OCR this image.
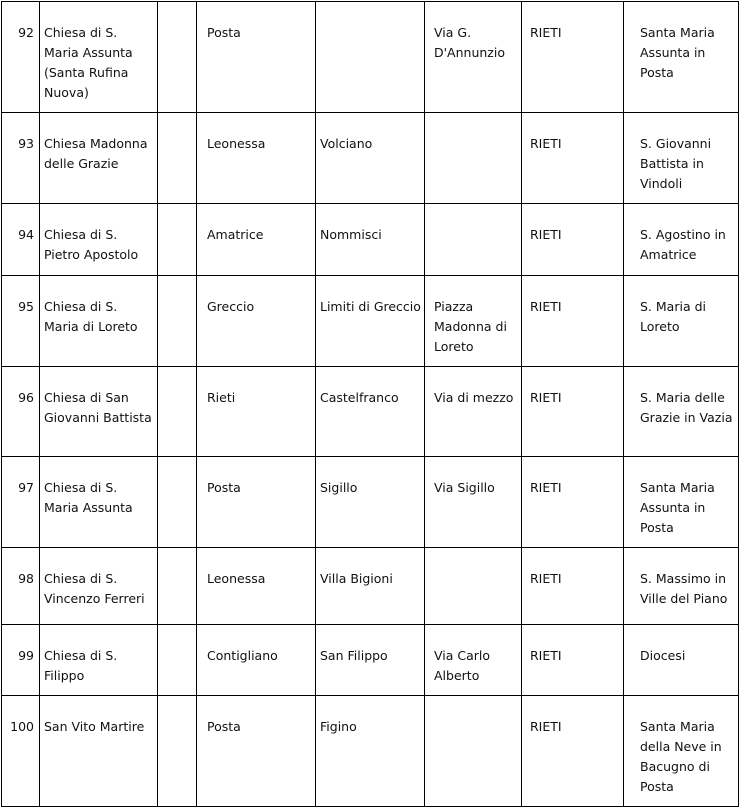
92	Chiesa di S. Maria Assunta (Santa Rufina Nuova)		Posta		Via G. D'Annunzio	RIETI	Santa Maria Assunta in Posta

93	Chiesa Madonna delle Grazie		Leonessa	Volciano		RIETI	S. Giovanni Battista in Vindoli

94	Chiesa di S. Pietro Apostolo		Amatrice	Nommisci		RIETI	S. Agostino in Amatrice

95	Chiesa di S. Maria di Loreto		Greccio	Limiti di Greccio	Piazza Madonna di Loreto	RIETI	S. Maria di Loreto

96	Chiesa di San Giovanni Battista		Rieti	Castelfranco	Via di mezzo	RIETI	S. Maria delle Grazie in Vazia

97	Chiesa di S. Maria Assunta		Posta	Sigillo	Via Sigillo	RIETI	Santa Maria Assunta in Posta

98	Chiesa di S. Vincenzo Ferreri		Leonessa	Villa Bigioni		RIETI	S. Massimo in Ville del Piano

99	Chiesa di S. Filippo		Contigliano	San Filippo	Via Carlo Alberto	RIETI	Diocesi

100	San Vito Martire		Posta	Figino		RIETI	Santa Maria della Neve in Bacugno di Posta
